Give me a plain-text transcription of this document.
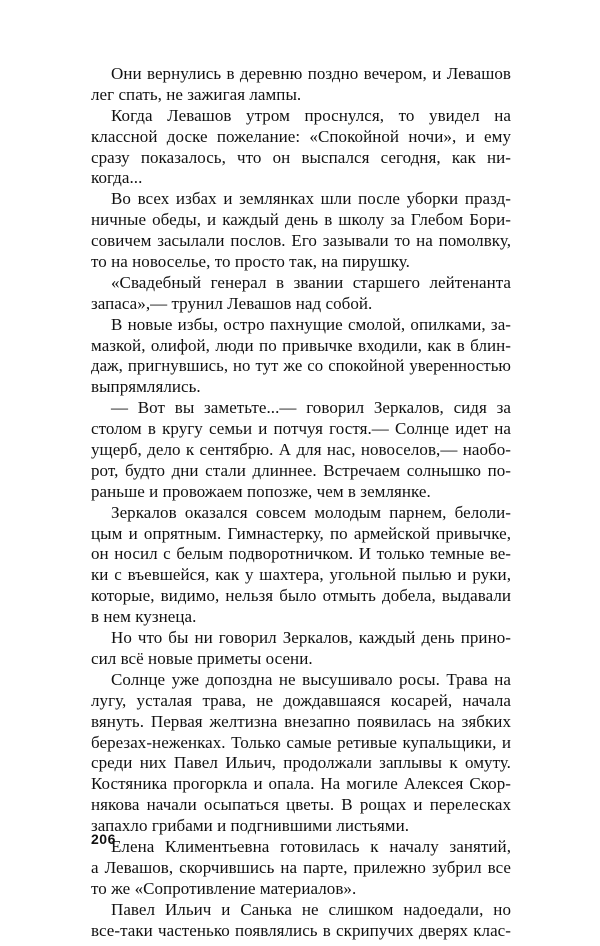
Они вернулись в деревню поздно вечером, и Левашов
лег спать, не зажигая лампы.
Когда Левашов утром проснулся, то увидел на
классной доске пожелание: «Спокойной ночи», и ему
сразу показалось, что он выспался сегодня, как ни-
когда...
Во всех избах и землянках шли после уборки празд-
ничные обеды, и каждый день в школу за Глебом Бори-
совичем засылали послов. Его зазывали то на помолвку,
то на новоселье, то просто так, на пирушку.
«Свадебный генерал в звании старшего лейтенанта
запаса»,— трунил Левашов над собой.
В новые избы, остро пахнущие смолой, опилками, за-
мазкой, олифой, люди по привычке входили, как в блин-
даж, пригнувшись, но тут же со спокойной уверенностью
выпрямлялись.
— Вот вы заметьте...— говорил Зеркалов, сидя за
столом в кругу семьи и потчуя гостя.— Солнце идет на
ущерб, дело к сентябрю. А для нас, новоселов,— наобо-
рот, будто дни стали длиннее. Встречаем солнышко по-
раньше и провожаем попозже, чем в землянке.
Зеркалов оказался совсем молодым парнем, белоли-
цым и опрятным. Гимнастерку, по армейской привычке,
он носил с белым подворотничком. И только темные ве-
ки с въевшейся, как у шахтера, угольной пылью и руки,
которые, видимо, нельзя было отмыть добела, выдавали
в нем кузнеца.
Но что бы ни говорил Зеркалов, каждый день прино-
сил всё новые приметы осени.
Солнце уже допоздна не высушивало росы. Трава на
лугу, усталая трава, не дождавшаяся косарей, начала
вянуть. Первая желтизна внезапно появилась на зябких
березах-неженках. Только самые ретивые купальщики, и
среди них Павел Ильич, продолжали заплывы к омуту.
Костяника прогоркла и опала. На могиле Алексея Скор-
някова начали осыпаться цветы. В рощах и перелесках
запахло грибами и подгнившими листьями.
Елена Климентьевна готовилась к началу занятий,
а Левашов, скорчившись на парте, прилежно зубрил все
то же «Сопротивление материалов».
Павел Ильич и Санька не слишком надоедали, но
все-таки частенько появлялись в скрипучих дверях клас-
206
